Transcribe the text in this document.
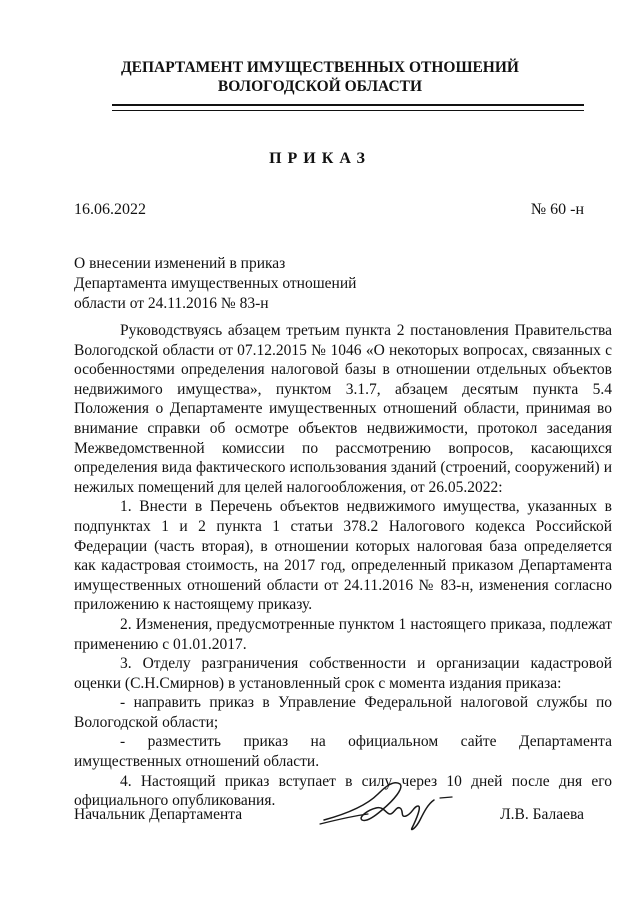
ДЕПАРТАМЕНТ ИМУЩЕСТВЕННЫХ ОТНОШЕНИЙ
ВОЛОГОДСКОЙ ОБЛАСТИ
ПРИКАЗ
16.06.2022	№ 60 -н
О внесении изменений в приказ
Департамента имущественных отношений
области от 24.11.2016 № 83-н

Руководствуясь абзацем третьим пункта 2 постановления Правительства Вологодской области от 07.12.2015 № 1046 «О некоторых вопросах, связанных с особенностями определения налоговой базы в отношении отдельных объектов недвижимого имущества», пунктом 3.1.7, абзацем десятым пункта 5.4 Положения о Департаменте имущественных отношений области, принимая во внимание справки об осмотре объектов недвижимости, протокол заседания Межведомственной комиссии по рассмотрению вопросов, касающихся определения вида фактического использования зданий (строений, сооружений) и нежилых помещений для целей налогообложения, от 26.05.2022:

1. Внести в Перечень объектов недвижимого имущества, указанных в подпунктах 1 и 2 пункта 1 статьи 378.2 Налогового кодекса Российской Федерации (часть вторая), в отношении которых налоговая база определяется как кадастровая стоимость, на 2017 год, определенный приказом Департамента имущественных отношений области от 24.11.2016 № 83-н, изменения согласно приложению к настоящему приказу.

2. Изменения, предусмотренные пунктом 1 настоящего приказа, подлежат применению с 01.01.2017.

3. Отделу разграничения собственности и организации кадастровой оценки (С.Н.Смирнов) в установленный срок с момента издания приказа:

- направить приказ в Управление Федеральной налоговой службы по Вологодской области;

- разместить приказ на официальном сайте Департамента имущественных отношений области.

4. Настоящий приказ вступает в силу через 10 дней после дня его официального опубликования.

Начальник Департамента	Л.В. Балаева
